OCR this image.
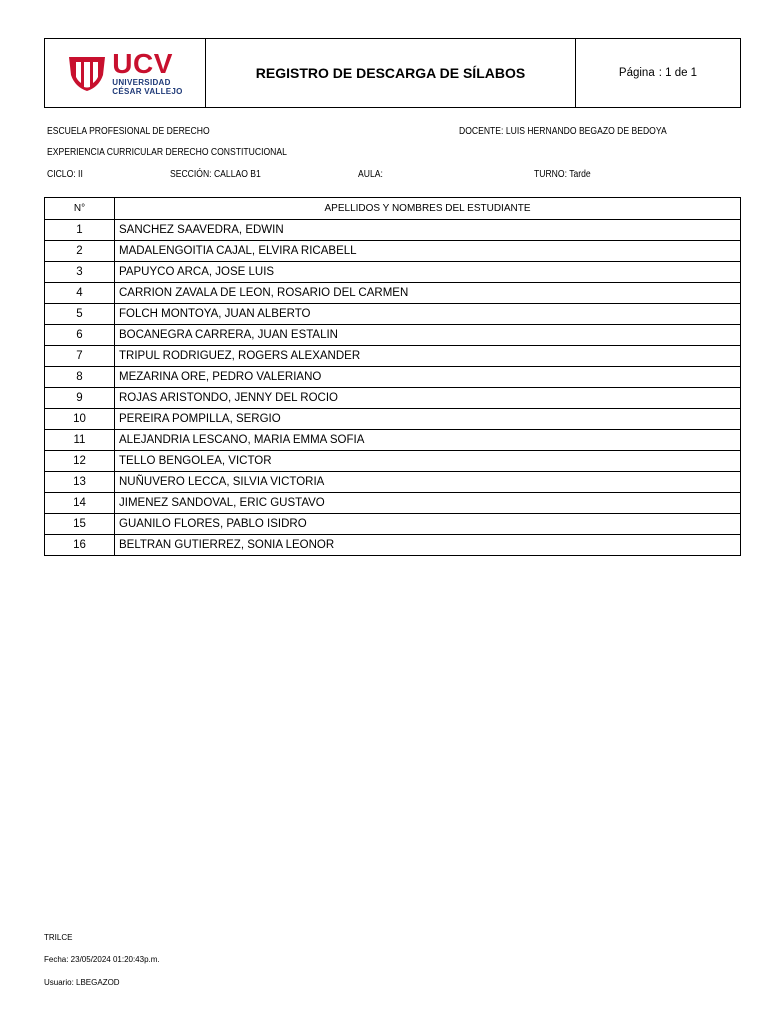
UCV
UNIVERSIDAD
CÉSAR VALLEJO
REGISTRO DE DESCARGA DE SÍLABOS	Página : 1 de 1
ESCUELA PROFESIONAL DE DERECHO	DOCENTE: LUIS HERNANDO BEGAZO DE BEDOYA
EXPERIENCIA CURRICULAR DERECHO CONSTITUCIONAL
CICLO: II	SECCIÓN: CALLAO B1	AULA:	TURNO: Tarde
N°	APELLIDOS Y NOMBRES DEL ESTUDIANTE
1	SANCHEZ SAAVEDRA, EDWIN
2	MADALENGOITIA CAJAL, ELVIRA RICABELL
3	PAPUYCO ARCA, JOSE LUIS
4	CARRION ZAVALA DE LEON, ROSARIO DEL CARMEN
5	FOLCH MONTOYA, JUAN ALBERTO
6	BOCANEGRA CARRERA, JUAN ESTALIN
7	TRIPUL RODRIGUEZ, ROGERS ALEXANDER
8	MEZARINA ORE, PEDRO VALERIANO
9	ROJAS ARISTONDO, JENNY DEL ROCIO
10	PEREIRA POMPILLA, SERGIO
11	ALEJANDRIA LESCANO, MARIA EMMA SOFIA
12	TELLO BENGOLEA, VICTOR
13	NUÑUVERO LECCA, SILVIA VICTORIA
14	JIMENEZ SANDOVAL, ERIC GUSTAVO
15	GUANILO FLORES, PABLO ISIDRO
16	BELTRAN GUTIERREZ, SONIA LEONOR
TRILCE
Fecha: 23/05/2024 01:20:43p.m.
Usuario: LBEGAZOD
